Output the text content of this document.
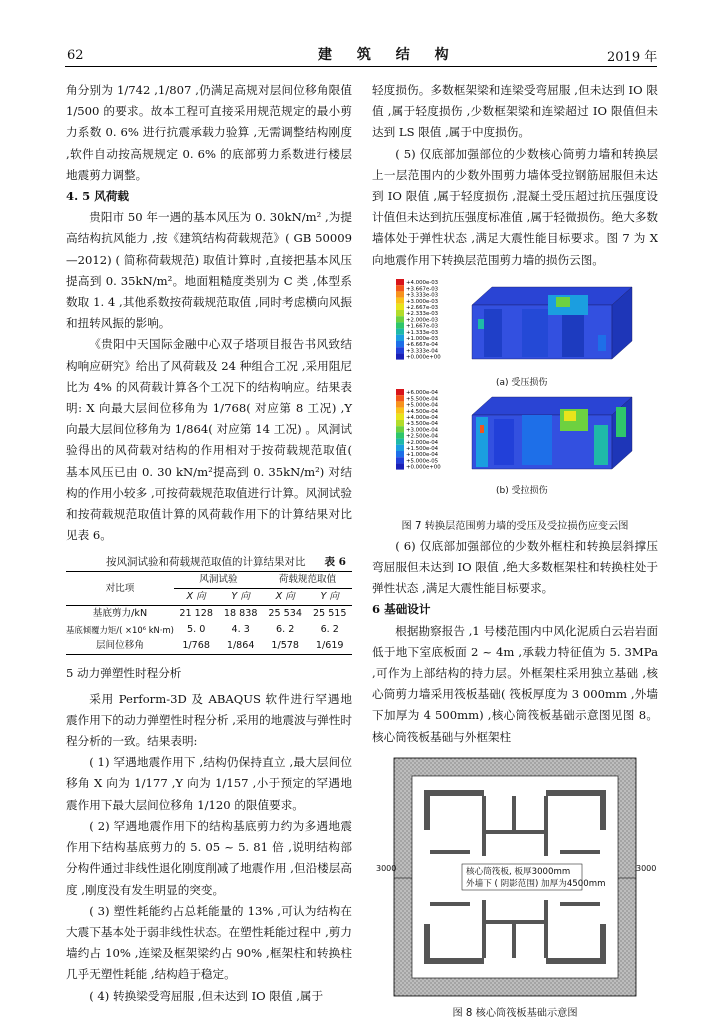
62	建 筑 结 构	2019 年

角分别为 1/742 ,1/807 ,仍满足高规对层间位移角限值 1/500 的要求。故本工程可直接采用规范规定的最小剪力系数 0. 6% 进行抗震承载力验算 ,无需调整结构刚度 ,软件自动按高规规定 0. 6% 的底部剪力系数进行楼层地震剪力调整。

4. 5 风荷载

贵阳市 50 年一遇的基本风压为 0. 30kN/m² ,为提高结构抗风能力 ,按《建筑结构荷载规范》( GB 50009—2012) ( 简称荷载规范) 取值计算时 ,直接把基本风压提高到 0. 35kN/m²。地面粗糙度类别为 C 类 ,体型系数取 1. 4 ,其他系数按荷载规范取值 ,同时考虑横向风振和扭转风振的影响。

《贵阳中天国际金融中心双子塔项目报告书风致结构响应研究》给出了风荷载及 24 种组合工况 ,采用阻尼比为 4% 的风荷载计算各个工况下的结构响应。结果表明: X 向最大层间位移角为 1/768( 对应第 8 工况) ,Y 向最大层间位移角为 1/864( 对应第 14 工况) 。风洞试验得出的风荷载对结构的作用相对于按荷载规范取值( 基本风压已由 0. 30 kN/m²提高到 0. 35kN/m²) 对结构的作用小较多 ,可按荷载规范取值进行计算。风洞试验和按荷载规范取值计算的风荷载作用下的计算结果对比见表 6。

按风洞试验和荷载规范取值的计算结果对比 表 6
对比项	风洞试验		荷载规范取值	
	X 向	Y 向	X 向	Y 向
基底剪力/kN	21 128	18 838	25 534	25 515
基底倾覆力矩/( ×10⁶ kN·m)	5. 0	4. 3	6. 2	6. 2
层间位移角	1/768	1/864	1/578	1/619
5 动力弹塑性时程分析

采用 Perform-3D 及 ABAQUS 软件进行罕遇地震作用下的动力弹塑性时程分析 ,采用的地震波与弹性时程分析的一致。结果表明:

( 1) 罕遇地震作用下 ,结构仍保持直立 ,最大层间位移角 X 向为 1/177 ,Y 向为 1/157 ,小于预定的罕遇地震作用下最大层间位移角 1/120 的限值要求。

( 2) 罕遇地震作用下的结构基底剪力约为多遇地震作用下结构基底剪力的 5. 05 ~ 5. 81 倍 ,说明结构部分构件通过非线性退化刚度削减了地震作用 ,但沿楼层高度 ,刚度没有发生明显的突变。

( 3) 塑性耗能约占总耗能量的 13% ,可认为结构在大震下基本处于弱非线性状态。在塑性耗能过程中 ,剪力墙约占 10% ,连梁及框架梁约占 90% ,框架柱和转换柱几乎无塑性耗能 ,结构趋于稳定。

( 4) 转换梁受弯屈服 ,但未达到 IO 限值 ,属于

轻度损伤。多数框架梁和连梁受弯屈服 ,但未达到 IO 限值 ,属于轻度损伤 ,少数框架梁和连梁超过 IO 限值但未达到 LS 限值 ,属于中度损伤。

( 5) 仅底部加强部位的少数核心筒剪力墙和转换层上一层范围内的少数外围剪力墙体受拉钢筋屈服但未达到 IO 限值 ,属于轻度损伤 ,混凝土受压超过抗压强度设计值但未达到抗压强度标准值 ,属于轻微损伤。绝大多数墙体处于弹性状态 ,满足大震性能目标要求。图 7 为 X 向地震作用下转换层范围剪力墙的损伤云图。

+4.000e-03
+3.667e-03
+3.333e-03
+3.000e-03
+2.667e-03
+2.333e-03
+2.000e-03
+1.667e-03
+1.333e-03
+1.000e-03
+6.667e-04
+3.333e-04
+0.000e+00
+6.000e-04
+5.500e-04
+5.000e-04
+4.500e-04
+4.000e-04
+3.500e-04
+3.000e-04
+2.500e-04
+2.000e-04
+1.500e-04
+1.000e-04
+5.000e-05
+0.000e+00
(a) 受压损伤
(b) 受拉损伤
图 7 转换层范围剪力墙的受压及受拉损伤应变云图

( 6) 仅底部加强部位的少数外框柱和转换层斜撑压弯屈服但未达到 IO 限值 ,绝大多数框架柱和转换柱处于弹性状态 ,满足大震性能目标要求。

6 基础设计

根据勘察报告 ,1 号楼范围内中风化泥质白云岩岩面低于地下室底板面 2 ~ 4m ,承载力特征值为 5. 3MPa ,可作为上部结构的持力层。外框架柱采用独立基础 ,核心筒剪力墙采用筏板基础( 筏板厚度为 3 000mm ,外墙下加厚为 4 500mm) ,核心筒筏板基础示意图见图 8。核心筒筏板基础与外框架柱

核心筒筏板, 板厚3000mm
外墙下 ( 阴影范围) 加厚为4500mm
3000	3000
图 8 核心筒筏板基础示意图
